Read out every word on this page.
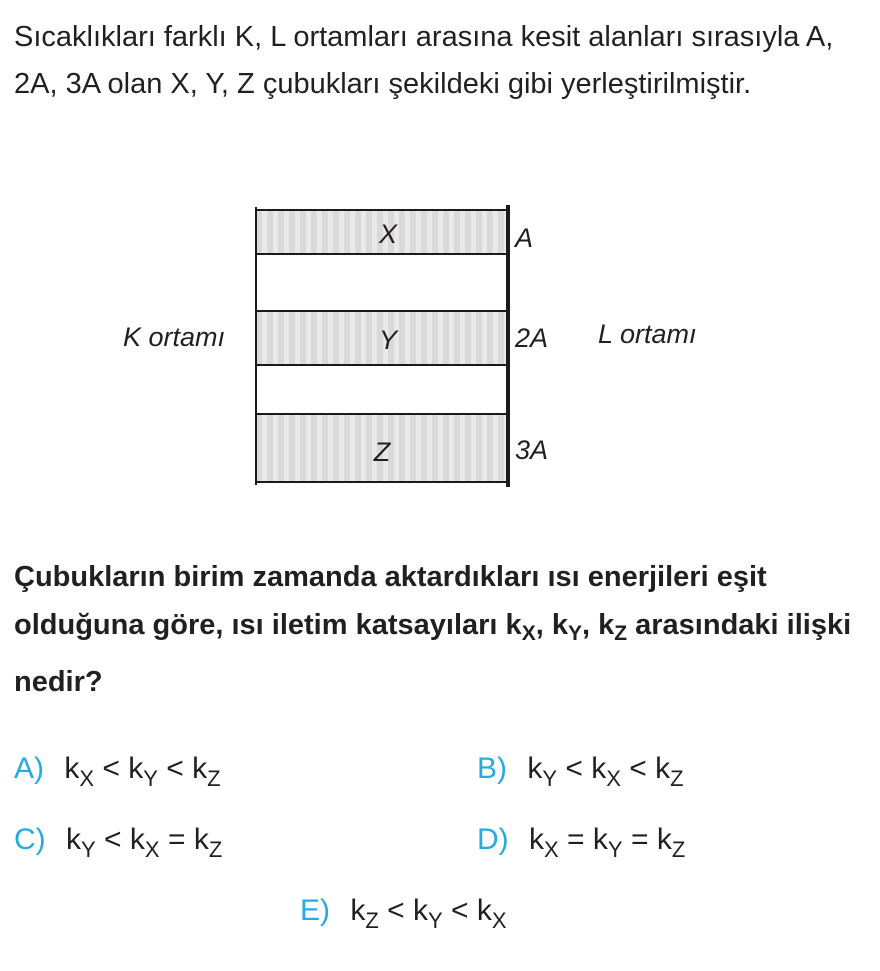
Sıcaklıkları farklı K, L ortamları arasına kesit alanları sırasıyla A, 2A, 3A olan X, Y, Z çubukları şekildeki gibi yerleştirilmiştir.
X
Y
Z
A
2A
3A
K ortamı	L ortamı
Çubukların birim zamanda aktardıkları ısı enerjileri eşit olduğuna göre, ısı iletim katsayıları $k_X$, $k_Y$, $k_Z$ arasındaki ilişki nedir?
A) $k_X < k_Y < k_Z$	B) $k_Y < k_X < k_Z$
C) $k_Y < k_X = k_Z$	D) $k_X = k_Y = k_Z$
E) $k_Z < k_Y < k_X$
